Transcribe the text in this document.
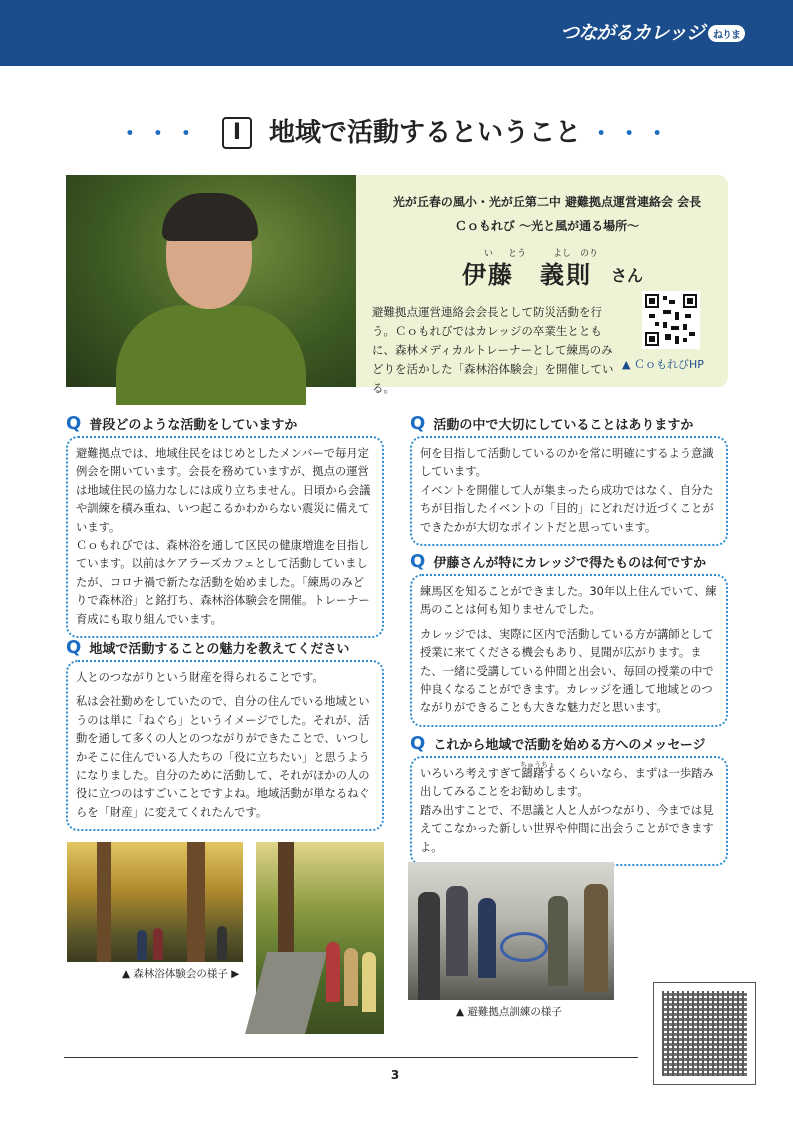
つながるカレッジ ねりま
・・・ Ⅰ 地域で活動するということ ・・・
光が丘春の風小・光が丘第二中 避難拠点運営連絡会 会長
Ｃｏもれび ～光と風が通る場所～
い とう	よし のり
伊藤　義則 さん
避難拠点運営連絡会会長として防災活動を行う。Ｃｏもれびではカレッジの卒業生とともに、森林メディカルトレーナーとして練馬のみどりを活かした「森林浴体験会」を開催している。
▲ ＣｏもれびHP
Q 普段どのような活動をしていますか

避難拠点では、地域住民をはじめとしたメンバーで毎月定例会を開いています。会長を務めていますが、拠点の運営は地域住民の協力なしには成り立ちません。日頃から会議や訓練を積み重ね、いつ起こるかわからない震災に備えています。

Ｃｏもれびでは、森林浴を通して区民の健康増進を目指しています。以前はケアラーズカフェとして活動していましたが、コロナ禍で新たな活動を始めました。「練馬のみどりで森林浴」と銘打ち、森林浴体験会を開催。トレーナー育成にも取り組んでいます。

Q 地域で活動することの魅力を教えてください

人とのつながりという財産を得られることです。

私は会社勤めをしていたので、自分の住んでいる地域というのは単に「ねぐら」というイメージでした。それが、活動を通して多くの人とのつながりができたことで、いつしかそこに住んでいる人たちの「役に立ちたい」と思うようになりました。自分のために活動して、それがほかの人の役に立つのはすごいことですよね。地域活動が単なるねぐらを「財産」に変えてくれたんです。

Q 活動の中で大切にしていることはありますか

何を目指して活動しているのかを常に明確にするよう意識しています。

イベントを開催して人が集まったら成功ではなく、自分たちが目指したイベントの「目的」にどれだけ近づくことができたかが大切なポイントだと思っています。

Q 伊藤さんが特にカレッジで得たものは何ですか

練馬区を知ることができました。30年以上住んでいて、練馬のことは何も知りませんでした。

カレッジでは、実際に区内で活動している方が講師として授業に来てくださる機会もあり、見聞が広がります。また、一緒に受講している仲間と出会い、毎回の授業の中で仲良くなることができます。カレッジを通して地域とのつながりができることも大きな魅力だと思います。

Q これから地域で活動を始める方へのメッセージ
ちゅうちょ

いろいろ考えすぎて躊躇するくらいなら、まずは一歩踏み出してみることをお勧めします。

踏み出すことで、不思議と人と人がつながり、今までは見えてこなかった新しい世界や仲間に出会うことができますよ。

▲ 森林浴体験会の様子 ▶
▲ 避難拠点訓練の様子
3
